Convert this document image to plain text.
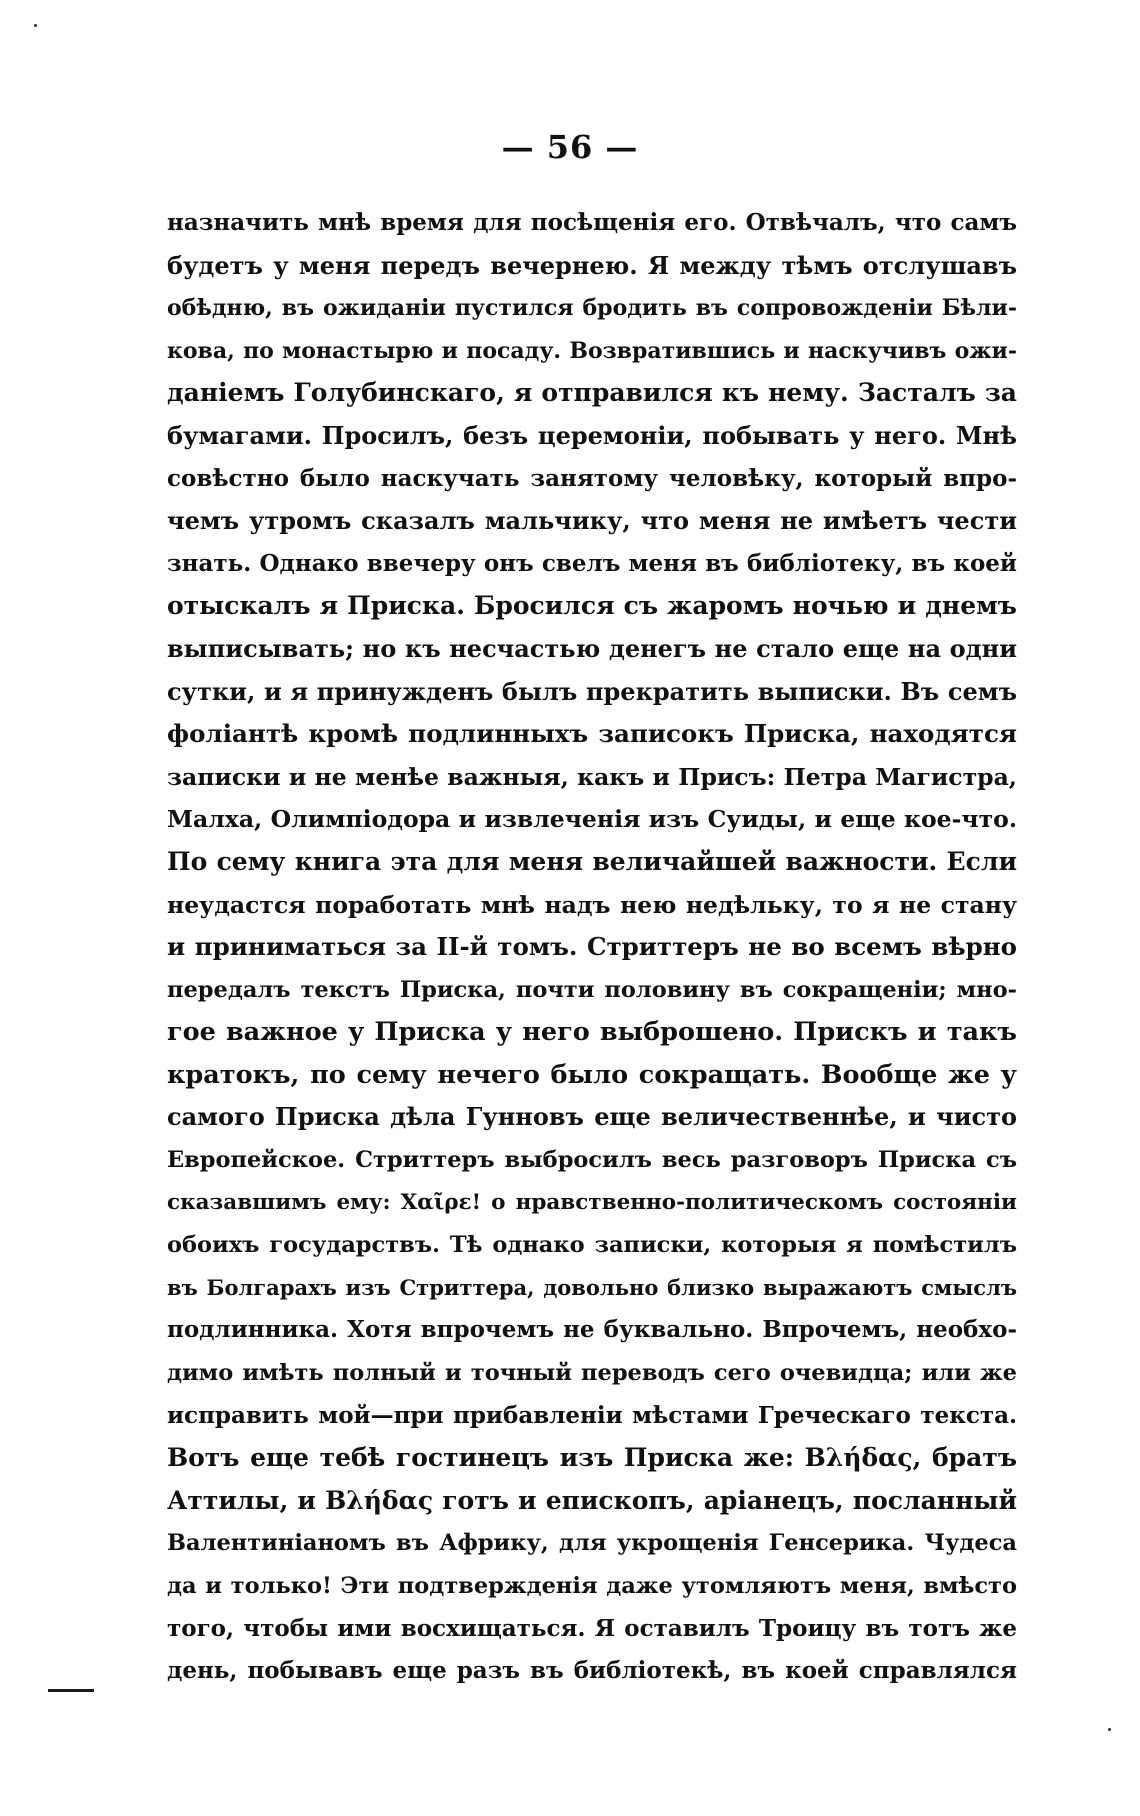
— 56 —
назначить мнѣ время для посѣщенія его. Отвѣчалъ, что самъ
будетъ у меня передъ вечернею. Я между тѣмъ отслушавъ
обѣдню, въ ожиданіи пустился бродить въ сопровожденіи Бѣли-
кова, по монастырю и посаду. Возвратившись и наскучивъ ожи-
даніемъ Голубинскаго, я отправился къ нему. Засталъ за
бумагами. Просилъ, безъ церемоніи, побывать у него. Мнѣ
совѣстно было наскучать занятому человѣку, который впро-
чемъ утромъ сказалъ мальчику, что меня не имѣетъ чести
знать. Однако ввечеру онъ свелъ меня въ библіотеку, въ коей
отыскалъ я Приска. Бросился съ жаромъ ночью и днемъ
выписывать; но къ несчастью денегъ не стало еще на одни
сутки, и я принужденъ былъ прекратить выписки. Въ семъ
фоліантѣ кромѣ подлинныхъ записокъ Приска, находятся
записки и не менѣе важныя, какъ и Присъ: Петра Магистра,
Малха, Олимпіодора и извлеченія изъ Суиды, и еще кое-что.
По сему книга эта для меня величайшей важности. Если
неудастся поработать мнѣ надъ нею недѣльку, то я не стану
и приниматься за II-й томъ. Стриттеръ не во всемъ вѣрно
передалъ текстъ Приска, почти половину въ сокращеніи; мно-
гое важное у Приска у него выброшено. Прискъ и такъ
кратокъ, по сему нечего было сокращать. Вообще же у
самого Приска дѣла Гунновъ еще величественнѣе, и чисто
Европейское. Стриттеръ выбросилъ весь разговоръ Приска съ
сказавшимъ ему: Χαῖρε! о нравственно-политическомъ состояніи
обоихъ государствъ. Тѣ однако записки, которыя я помѣстилъ
въ Болгарахъ изъ Стриттера, довольно близко выражаютъ смыслъ
подлинника. Хотя впрочемъ не буквально. Впрочемъ, необхо-
димо имѣть полный и точный переводъ сего очевидца; или же
исправить мой—при прибавленіи мѣстами Греческаго текста.
Вотъ еще тебѣ гостинецъ изъ Приска же: Βλήδας, братъ
Аттилы, и Βλήδας готъ и епископъ, аріанецъ, посланный
Валентиніаномъ въ Африку, для укрощенія Генсерика. Чудеса
да и только! Эти подтвержденія даже утомляютъ меня, вмѣсто
того, чтобы ими восхищаться. Я оставилъ Троицу въ тотъ же
день, побывавъ еще разъ въ библіотекѣ, въ коей справлялся
